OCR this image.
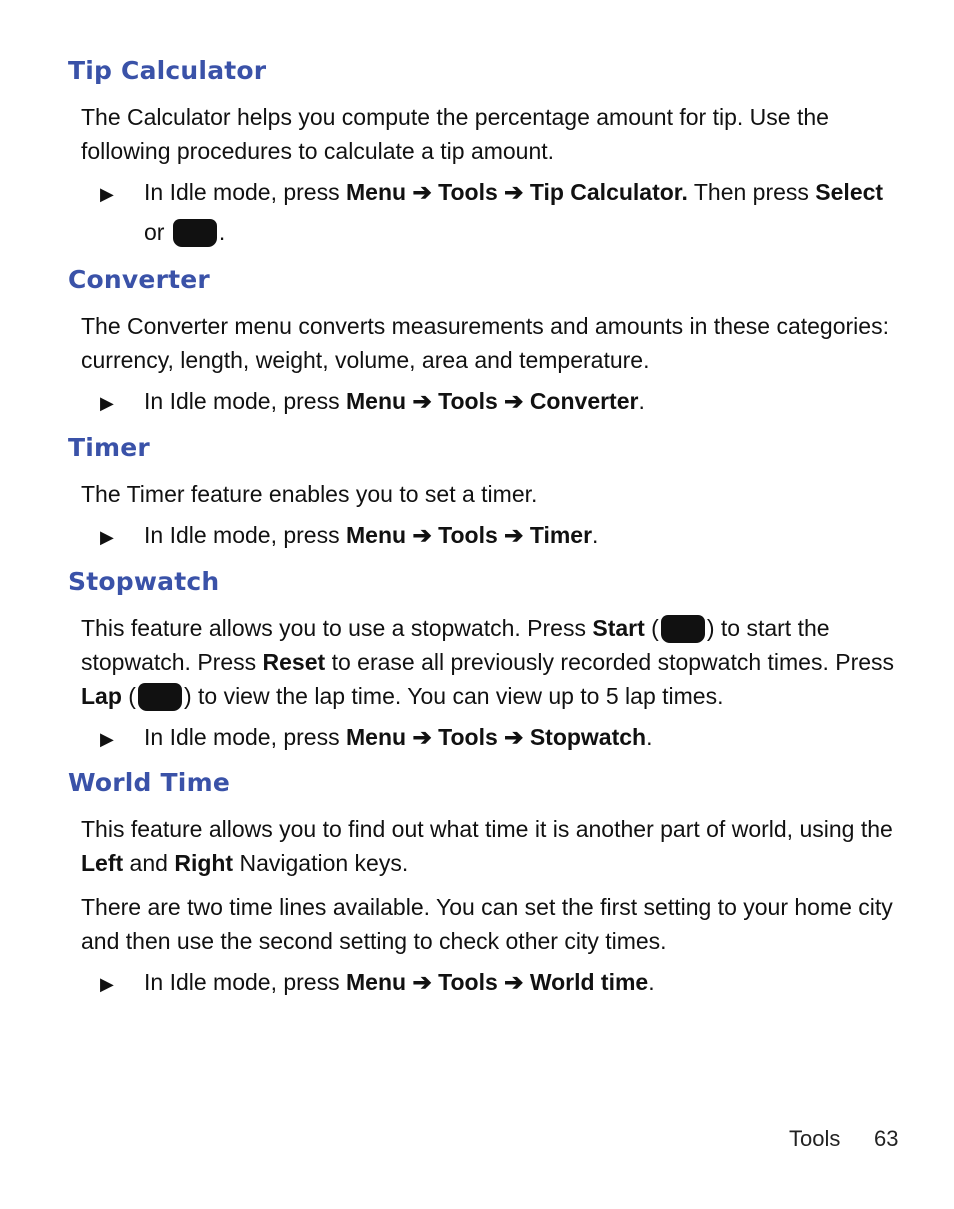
Tip Calculator

The Calculator helps you compute the percentage amount for tip. Use the following procedures to calculate a tip amount.

▶ In Idle mode, press Menu ➔ Tools ➔ Tip Calculator. Then press Select
or .
Converter

The Converter menu converts measurements and amounts in these categories: currency, length, weight, volume, area and temperature.

▶ In Idle mode, press Menu ➔ Tools ➔ Converter.
Timer

The Timer feature enables you to set a timer.

▶ In Idle mode, press Menu ➔ Tools ➔ Timer.
Stopwatch

This feature allows you to use a stopwatch. Press Start ( ) to start the stopwatch. Press Reset to erase all previously recorded stopwatch times. Press Lap ( ) to view the lap time. You can view up to 5 lap times.

▶ In Idle mode, press Menu ➔ Tools ➔ Stopwatch.
World Time

This feature allows you to find out what time it is another part of world, using the Left and Right Navigation keys.

There are two time lines available. You can set the first setting to your home city and then use the second setting to check other city times.

▶ In Idle mode, press Menu ➔ Tools ➔ World time.
Tools 63
